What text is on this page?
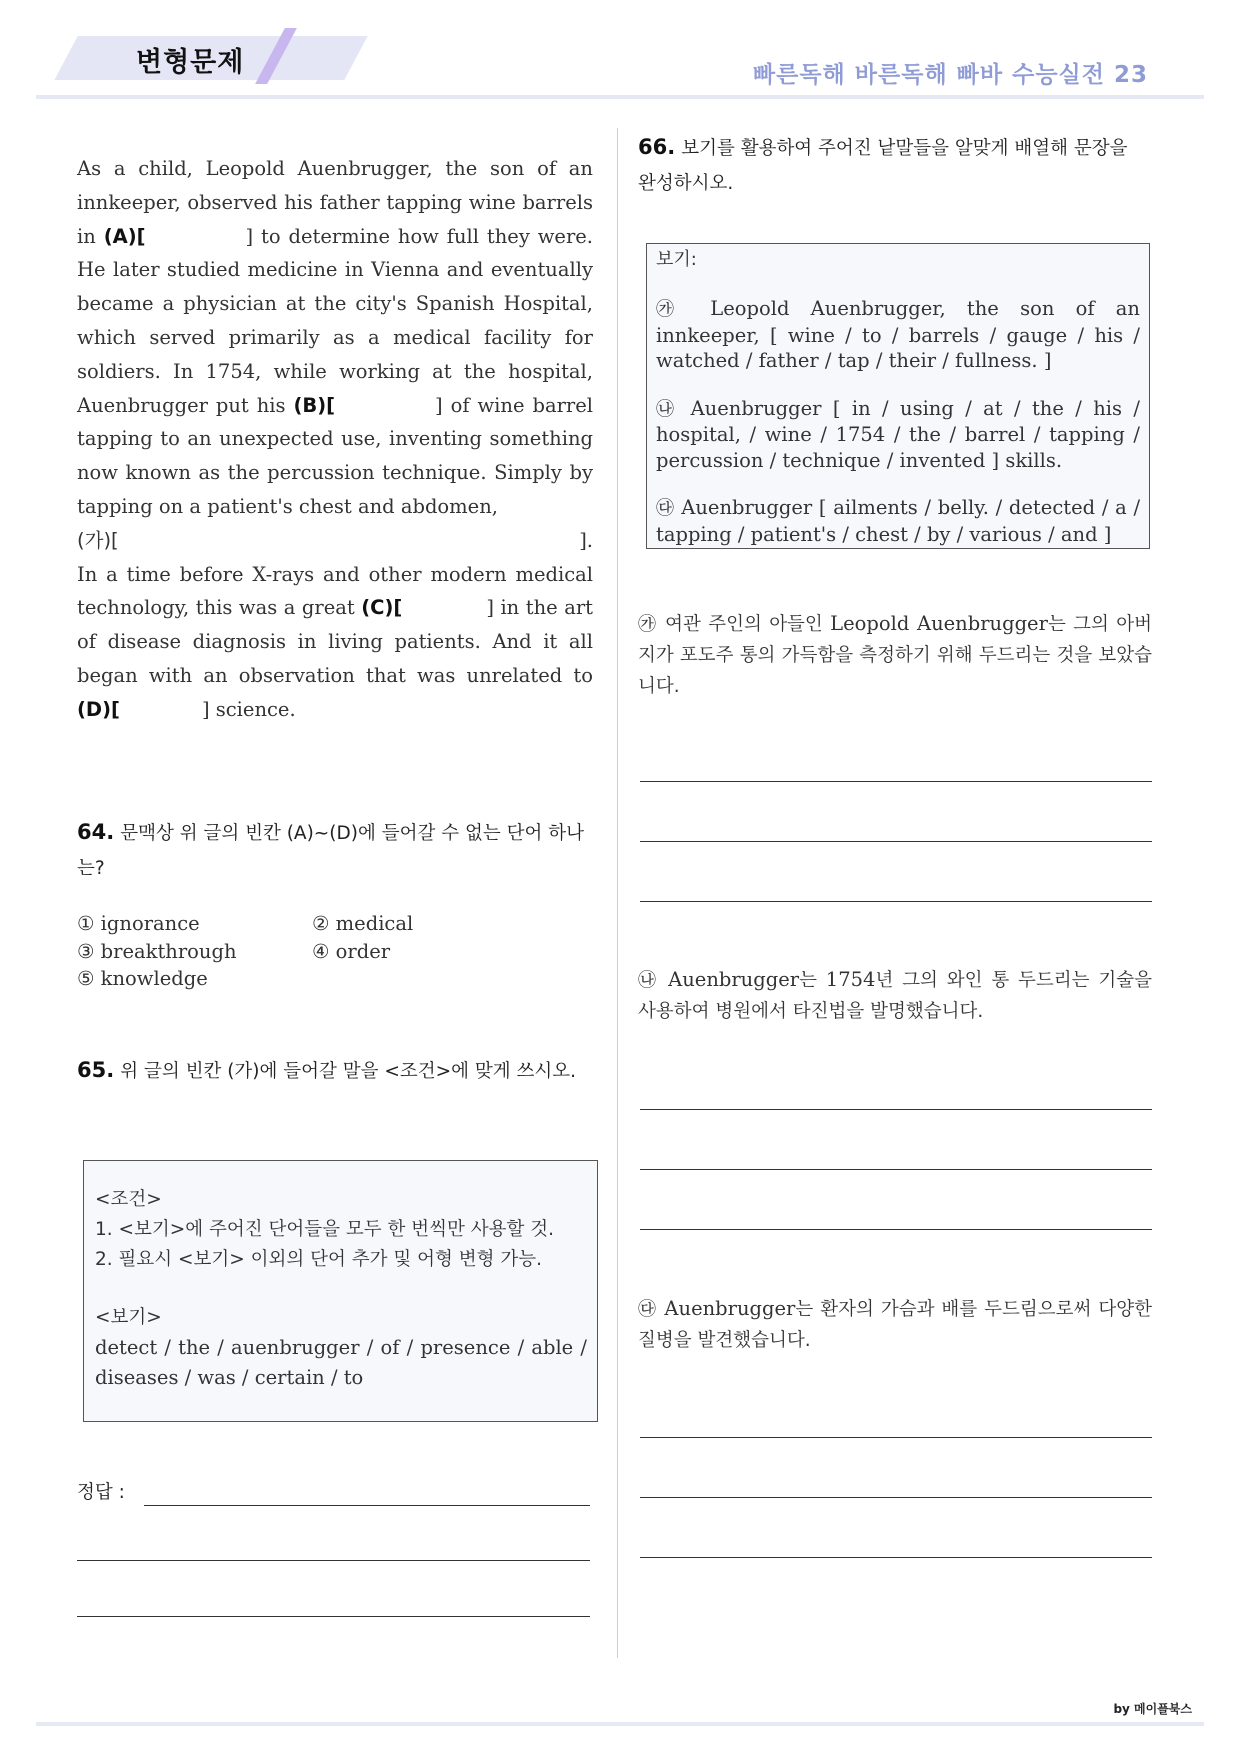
변형문제	빠른독해 바른독해 빠바 수능실전 23

As a child, Leopold Auenbrugger, the son of an innkeeper, observed his father tapping wine barrels in (A)[	] to determine how full they were. He later studied medicine in Vienna and eventually became a physician at the city's Spanish Hospital, which served primarily as a medical facility for soldiers. In 1754, while working at the hospital, Auenbrugger put his (B)[	] of wine barrel tapping to an unexpected use, inventing something now known as the percussion technique. Simply by tapping on a patient's chest and abdomen,

(가)[	].

In a time before X-rays and other modern medical technology, this was a great (C)[	] in the art of disease diagnosis in living patients. And it all began with an observation that was unrelated to (D)[	] science.

64. 문맥상 위 글의 빈칸 (A)~(D)에 들어갈 수 없는 단어 하나는?
① ignorance	② medical
③ breakthrough	④ order
⑤ knowledge
65. 위 글의 빈칸 (가)에 들어갈 말을 <조건>에 맞게 쓰시오.
<조건>
1. <보기>에 주어진 단어들을 모두 한 번씩만 사용할 것.
2. 필요시 <보기> 이외의 단어 추가 및 어형 변형 가능.
<보기>
detect / the / auenbrugger / of / presence / able / diseases / was / certain / to
정답 :
66. 보기를 활용하여 주어진 낱말들을 알맞게 배열해 문장을 완성하시오.
보기:
㉮ Leopold Auenbrugger, the son of an innkeeper, [ wine / to / barrels / gauge / his / watched / father / tap / their / fullness. ]
㉯ Auenbrugger [ in / using / at / the / his / hospital, / wine / 1754 / the / barrel / tapping / percussion / technique / invented ] skills.
㉰ Auenbrugger [ ailments / belly. / detected / a / tapping / patient's / chest / by / various / and ]
㉮ 여관 주인의 아들인 Leopold Auenbrugger는 그의 아버지가 포도주 통의 가득함을 측정하기 위해 두드리는 것을 보았습니다.
㉯ Auenbrugger는 1754년 그의 와인 통 두드리는 기술을 사용하여 병원에서 타진법을 발명했습니다.
㉰ Auenbrugger는 환자의 가슴과 배를 두드림으로써 다양한 질병을 발견했습니다.
by 메이플북스
